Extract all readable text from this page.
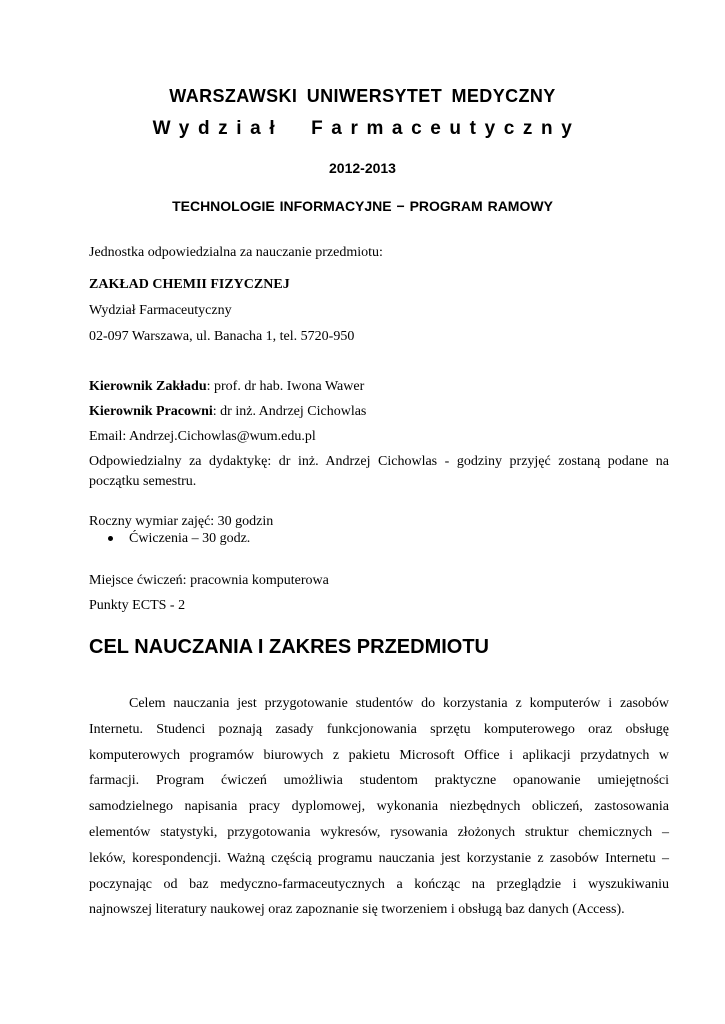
WARSZAWSKI UNIWERSYTET MEDYCZNY
Wydział Farmaceutyczny
2012-2013
TECHNOLOGIE INFORMACYJNE − PROGRAM RAMOWY
Jednostka odpowiedzialna za nauczanie przedmiotu:
ZAKŁAD CHEMII FIZYCZNEJ
Wydział Farmaceutyczny
02-097 Warszawa, ul. Banacha 1, tel. 5720-950
Kierownik Zakładu: prof. dr hab. Iwona Wawer
Kierownik Pracowni: dr inż. Andrzej Cichowlas
Email: Andrzej.Cichowlas@wum.edu.pl
Odpowiedzialny za dydaktykę: dr inż. Andrzej Cichowlas - godziny przyjęć zostaną podane na początku semestru.
Roczny wymiar zajęć: 30 godzin
Ćwiczenia – 30 godz.
Miejsce ćwiczeń: pracownia komputerowa
Punkty ECTS - 2
CEL NAUCZANIA I ZAKRES PRZEDMIOTU
Celem nauczania jest przygotowanie studentów do korzystania z komputerów i zasobów
Internetu. Studenci poznają zasady funkcjonowania sprzętu komputerowego oraz obsługę
komputerowych programów biurowych z pakietu Microsoft Office i aplikacji przydatnych w
farmacji. Program ćwiczeń umożliwia studentom praktyczne opanowanie umiejętności
samodzielnego napisania pracy dyplomowej, wykonania niezbędnych obliczeń, zastosowania
elementów statystyki, przygotowania wykresów, rysowania złożonych struktur chemicznych –
leków, korespondencji. Ważną częścią programu nauczania jest korzystanie z zasobów Internetu –
poczynając od baz medyczno-farmaceutycznych a kończąc na przeglądzie i wyszukiwaniu
najnowszej literatury naukowej oraz zapoznanie się tworzeniem i obsługą baz danych (Access).
